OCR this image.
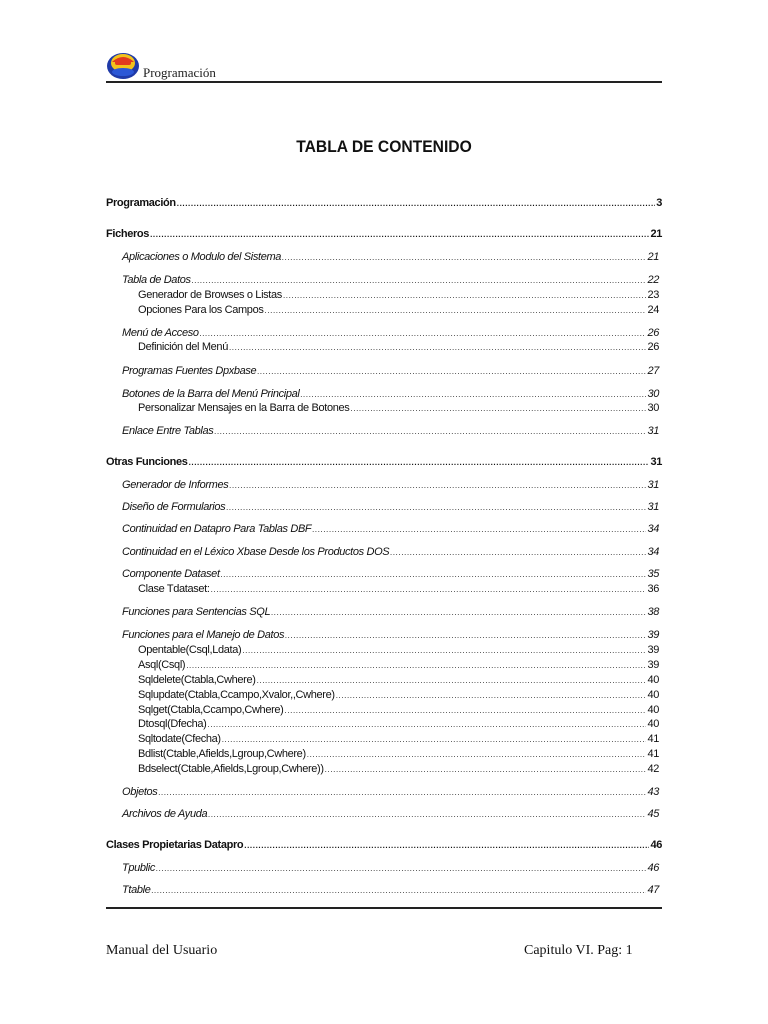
Programación
TABLA DE CONTENIDO
Programación .....	3
Ficheros .....	21
Aplicaciones o Modulo del Sistema .....	21
Tabla de Datos .....	22
Generador de Browses o Listas .....	23
Opciones Para los Campos .....	24
Menú de Acceso .....	26
Definición del Menú .....	26
Programas Fuentes Dpxbase .....	27
Botones de la Barra del Menú Principal .....	30
Personalizar Mensajes en la Barra de Botones .....	30
Enlace Entre Tablas .....	31
Otras Funciones .....	31
Generador de Informes .....	31
Diseño de Formularios .....	31
Continuidad en Datapro Para Tablas DBF .....	34
Continuidad en el Léxico Xbase Desde los Productos DOS .....	34
Componente Dataset .....	35
Clase Tdataset: .....	36
Funciones para Sentencias SQL .....	38
Funciones para el Manejo de Datos .....	39
Opentable(Csql,Ldata) .....	39
Asql(Csql) .....	39
Sqldelete(Ctabla,Cwhere) .....	40
Sqlupdate(Ctabla,Ccampo,Xvalor,,Cwhere) .....	40
Sqlget(Ctabla,Ccampo,Cwhere) .....	40
Dtosql(Dfecha) .....	40
Sqltodate(Cfecha) .....	41
Bdlist(Ctable,Afields,Lgroup,Cwhere) .....	41
Bdselect(Ctable,Afields,Lgroup,Cwhere)) .....	42
Objetos .....	43
Archivos de Ayuda .....	45
Clases Propietarias Datapro .....	46
Tpublic .....	46
Ttable .....	47
Manual del Usuario	Capitulo VI. Pag: 1
